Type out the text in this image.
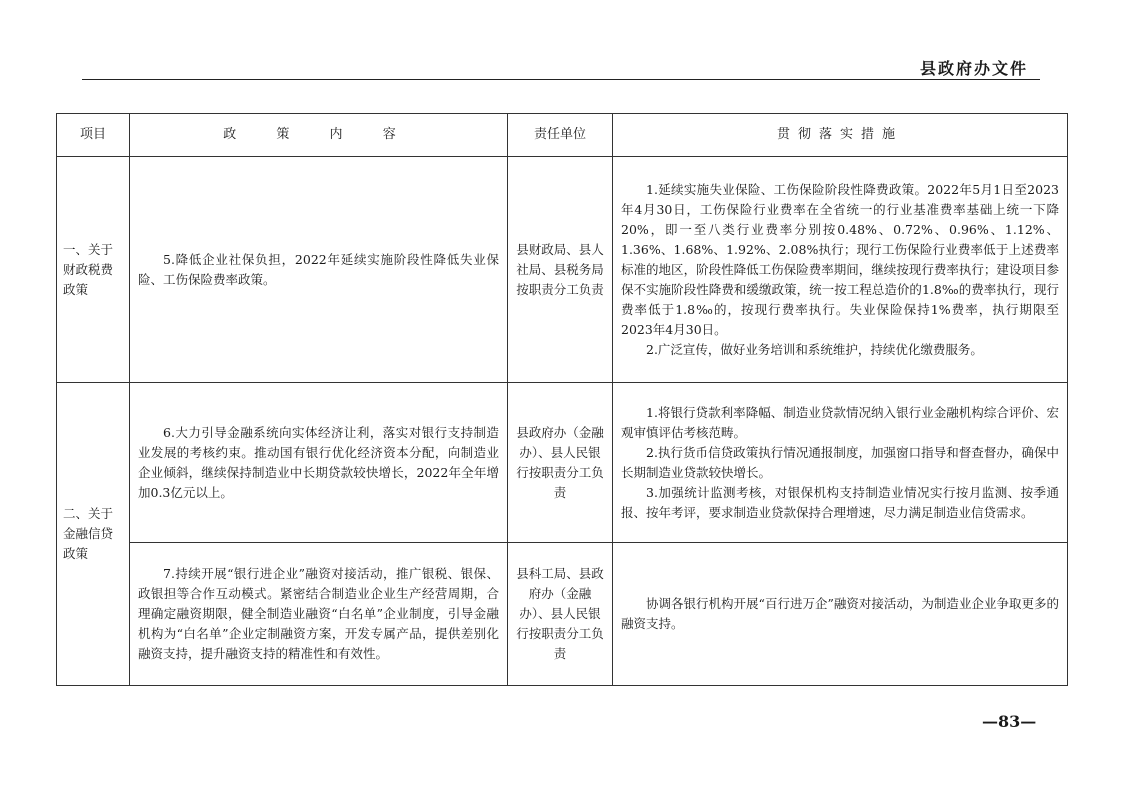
县政府办文件
项目	政 策 内 容	责任单位	贯彻落实措施
一、关于财政税费政策	5.降低企业社保负担，2022年延续实施阶段性降低失业保险、工伤保险费率政策。	县财政局、县人社局、县税务局按职责分工负责	1.延续实施失业保险、工伤保险阶段性降费政策。2022年5月1日至2023年4月30日，工伤保险行业费率在全省统一的行业基准费率基础上统一下降20%，即一至八类行业费率分别按0.48%、0.72%、0.96%、1.12%、1.36%、1.68%、1.92%、2.08%执行；现行工伤保险行业费率低于上述费率标准的地区，阶段性降低工伤保险费率期间，继续按现行费率执行；建设项目参保不实施阶段性降费和缓缴政策，统一按工程总造价的1.8‰的费率执行，现行费率低于1.8‰的，按现行费率执行。失业保险保持1%费率，执行期限至2023年4月30日。

2.广泛宣传，做好业务培训和系统维护，持续优化缴费服务。

二、关于金融信贷政策	6.大力引导金融系统向实体经济让利，落实对银行支持制造业发展的考核约束。推动国有银行优化经济资本分配，向制造业企业倾斜，继续保持制造业中长期贷款较快增长，2022年全年增加0.3亿元以上。	县政府办（金融办）、县人民银行按职责分工负责	1.将银行贷款利率降幅、制造业贷款情况纳入银行业金融机构综合评价、宏观审慎评估考核范畴。

2.执行货币信贷政策执行情况通报制度，加强窗口指导和督查督办，确保中长期制造业贷款较快增长。

3.加强统计监测考核，对银保机构支持制造业情况实行按月监测、按季通报、按年考评，要求制造业贷款保持合理增速，尽力满足制造业信贷需求。

	7.持续开展“银行进企业”融资对接活动，推广银税、银保、政银担等合作互动模式。紧密结合制造业企业生产经营周期，合理确定融资期限，健全制造业融资“白名单”企业制度，引导金融机构为“白名单”企业定制融资方案，开发专属产品，提供差别化融资支持，提升融资支持的精准性和有效性。	县科工局、县政府办（金融办）、县人民银行按职责分工负责	协调各银行机构开展“百行进万企”融资对接活动，为制造业企业争取更多的融资支持。

—83—
